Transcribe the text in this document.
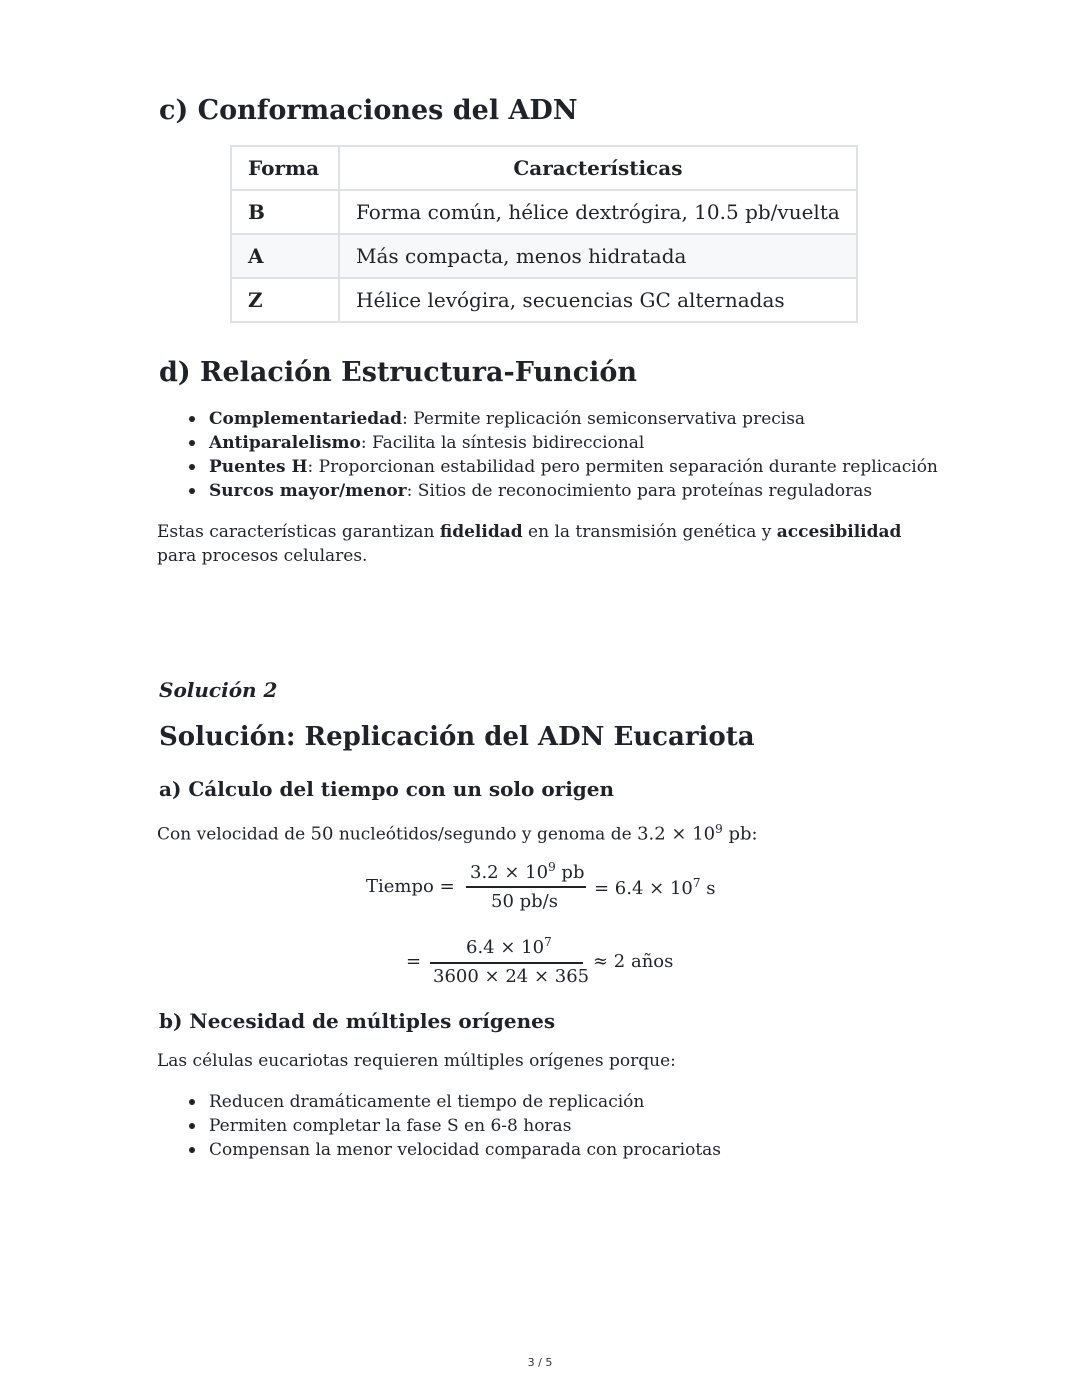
c) Conformaciones del ADN
Forma	Características
B	Forma común, hélice dextrógira, 10.5 pb/vuelta
A	Más compacta, menos hidratada
Z	Hélice levógira, secuencias GC alternadas
d) Relación Estructura-Función
Complementariedad: Permite replicación semiconservativa precisa
Antiparalelismo: Facilita la síntesis bidireccional
Puentes H: Proporcionan estabilidad pero permiten separación durante replicación
Surcos mayor/menor: Sitios de reconocimiento para proteínas reguladoras
Estas características garantizan fidelidad en la transmisión genética y accesibilidad
para procesos celulares.
Solución 2
Solución: Replicación del ADN Eucariota
a) Cálculo del tiempo con un solo origen
Con velocidad de 50 nucleótidos/segundo y genoma de $3.2 \times 10^9$ pb:
Tiempo =
$3.2 \times 10^9$ pb
50 pb/s
= $6.4 \times 10^7$ s
=
$6.4 \times 10^7$
3600 × 24 × 365
≈ 2 años
b) Necesidad de múltiples orígenes
Las células eucariotas requieren múltiples orígenes porque:
Reducen dramáticamente el tiempo de replicación
Permiten completar la fase S en 6-8 horas
Compensan la menor velocidad comparada con procariotas
3 / 5
